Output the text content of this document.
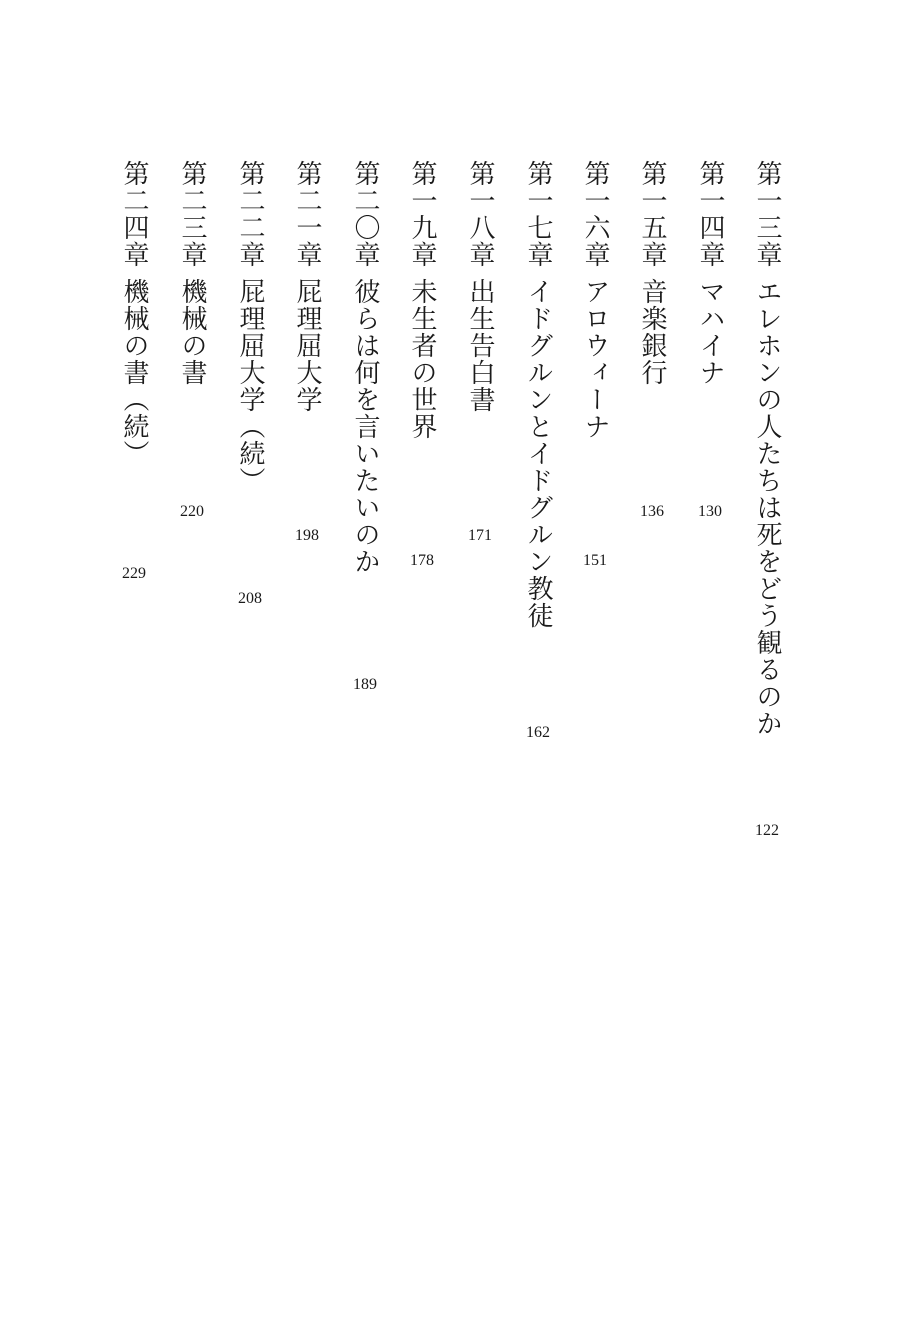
第一三章
エレホンの人たちは死をどう観るのか
122
第一四章
マハイナ
130
第一五章
音楽銀行
136
第一六章
アロウィーナ
151
第一七章
イドグルンとイドグルン教徒
162
第一八章
出生告白書
171
第一九章
未生者の世界
178
第二〇章
彼らは何を言いたいのか
189
第二一章
屁理屈大学
198
第二二章
屁理屈大学（続）
208
第二三章
機械の書
220
第二四章
機械の書（続）
229
